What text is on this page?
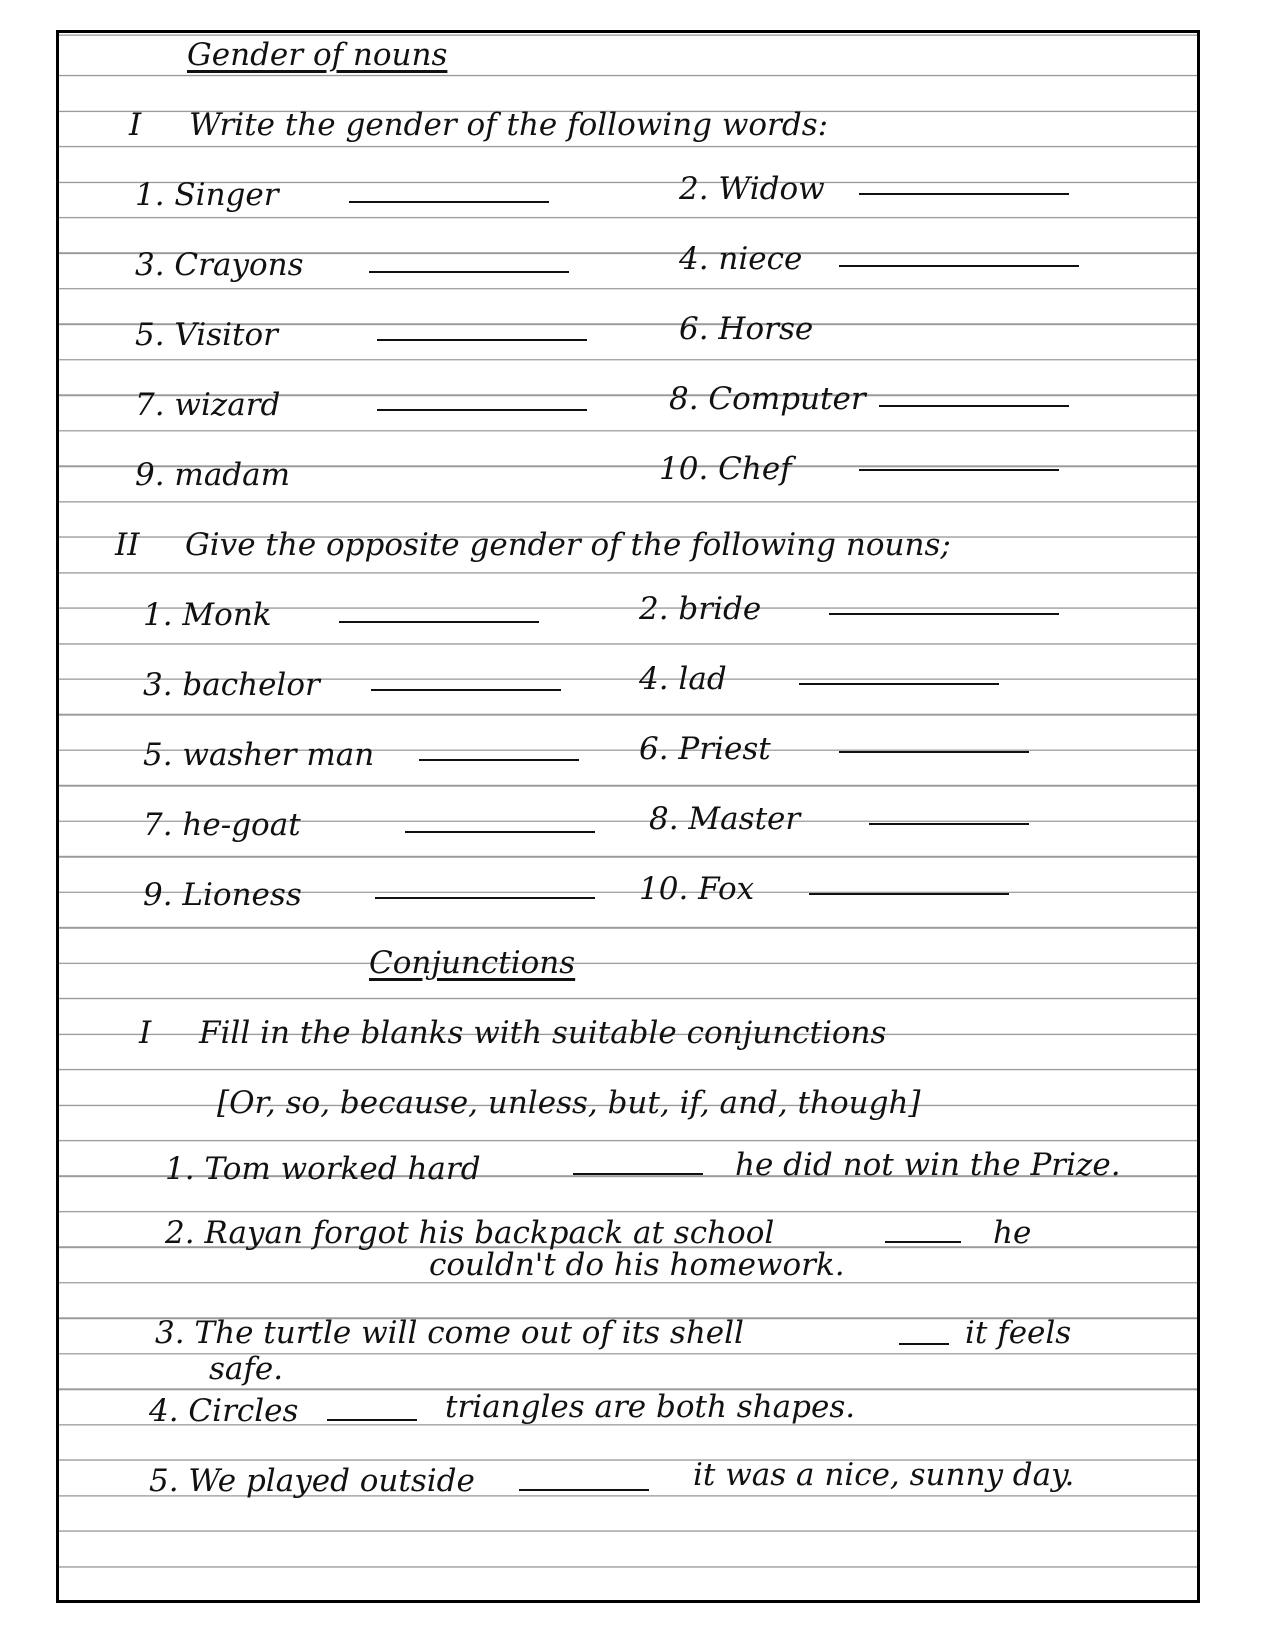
Gender of nouns
I Write the gender of the following words:
1. Singer	2. Widow
3. Crayons	4. niece
5. Visitor	6. Horse
7. wizard	8. Computer
9. madam	10. Chef
II Give the opposite gender of the following nouns;
1. Monk	2. bride
3. bachelor	4. lad
5. washer man	6. Priest
7. he-goat	8. Master
9. Lioness	10. Fox
Conjunctions
I Fill in the blanks with suitable conjunctions
[Or, so, because, unless, but, if, and, though]
1. Tom worked hard	he did not win the Prize.
2. Rayan forgot his backpack at school	he
couldn't do his homework.
3. The turtle will come out of its shell	it feels
safe.
4. Circles	triangles are both shapes.
5. We played outside	it was a nice, sunny day.
